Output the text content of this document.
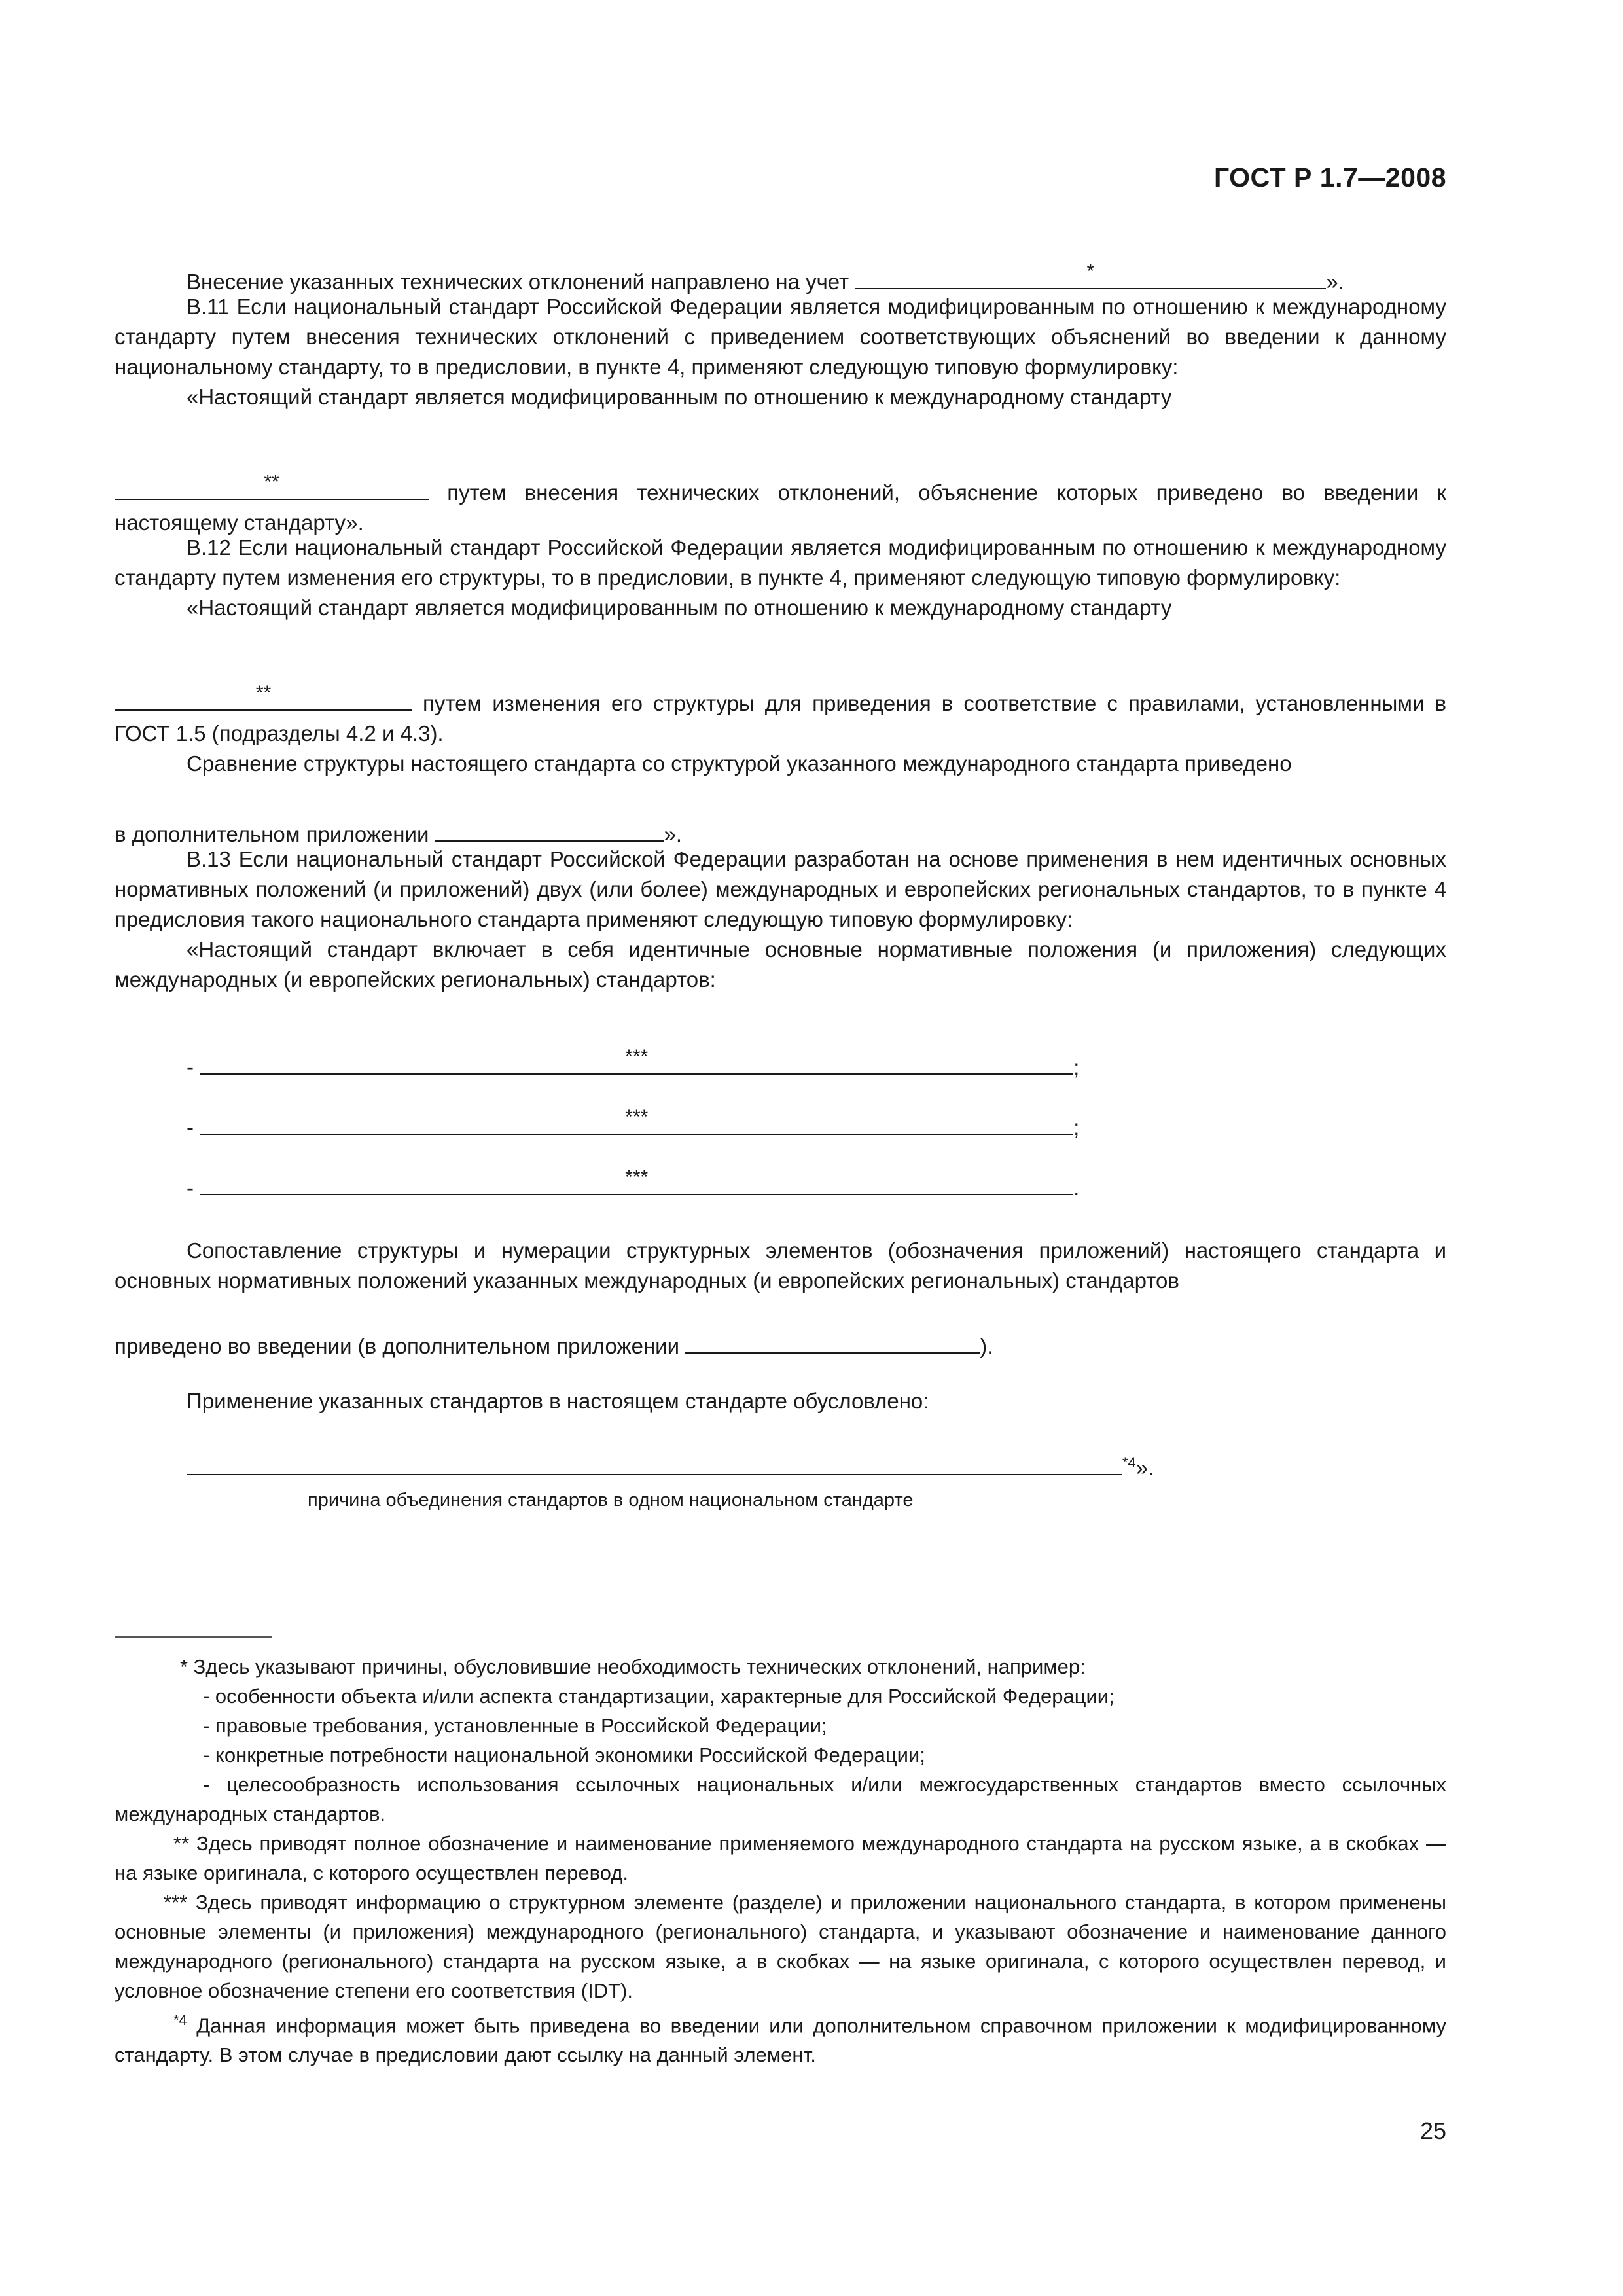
ГОСТ Р 1.7—2008
Внесение указанных технических отклонений направлено на учет	*	».

В.11 Если национальный стандарт Российской Федерации является модифицированным по отношению к международному стандарту путем внесения технических отклонений с приведением соответствующих объяснений во введении к данному национальному стандарту, то в предисловии, в пункте 4, применяют следующую типовую формулировку:

«Настоящий стандарт является модифицированным по отношению к международному стандарту

**	путем внесения технических отклонений, объяснение которых приведено во введении к настоящему стандарту».

В.12 Если национальный стандарт Российской Федерации является модифицированным по отношению к международному стандарту путем изменения его структуры, то в предисловии, в пункте 4, применяют следующую типовую формулировку:

«Настоящий стандарт является модифицированным по отношению к международному стандарту

**	путем изменения его структуры для приведения в соответствие с правилами, установленными в ГОСТ 1.5 (подразделы 4.2 и 4.3).

Сравнение структуры настоящего стандарта со структурой указанного международного стандарта приведено

в дополнительном приложении	».

В.13 Если национальный стандарт Российской Федерации разработан на основе применения в нем идентичных основных нормативных положений (и приложений) двух (или более) международных и европейских региональных стандартов, то в пункте 4 предисловия такого национального стандарта применяют следующую типовую формулировку:

«Настоящий стандарт включает в себя идентичные основные нормативные положения (и приложения) следующих международных (и европейских региональных) стандартов:

-	***	;
-	***	;
-	***	.

Сопоставление структуры и нумерации структурных элементов (обозначения приложений) настоящего стандарта и основных нормативных положений указанных международных (и европейских региональных) стандартов

приведено во введении (в дополнительном приложении	).
Применение указанных стандартов в настоящем стандарте обусловлено:
$^{*4}$».
причина объединения стандартов в одном национальном стандарте

* Здесь указывают причины, обусловившие необходимость технических отклонений, например:

- особенности объекта и/или аспекта стандартизации, характерные для Российской Федерации;

- правовые требования, установленные в Российской Федерации;

- конкретные потребности национальной экономики Российской Федерации;

- целесообразность использования ссылочных национальных и/или межгосударственных стандартов вместо ссылочных международных стандартов.

** Здесь приводят полное обозначение и наименование применяемого международного стандарта на русском языке, а в скобках — на языке оригинала, с которого осуществлен перевод.

*** Здесь приводят информацию о структурном элементе (разделе) и приложении национального стандарта, в котором применены основные элементы (и приложения) международного (регионального) стандарта, и указывают обозначение и наименование данного международного (регионального) стандарта на русском языке, а в скобках — на языке оригинала, с которого осуществлен перевод, и условное обозначение степени его соответствия (IDT).

$^{*4}$ Данная информация может быть приведена во введении или дополнительном справочном приложении к модифицированному стандарту. В этом случае в предисловии дают ссылку на данный элемент.

25
